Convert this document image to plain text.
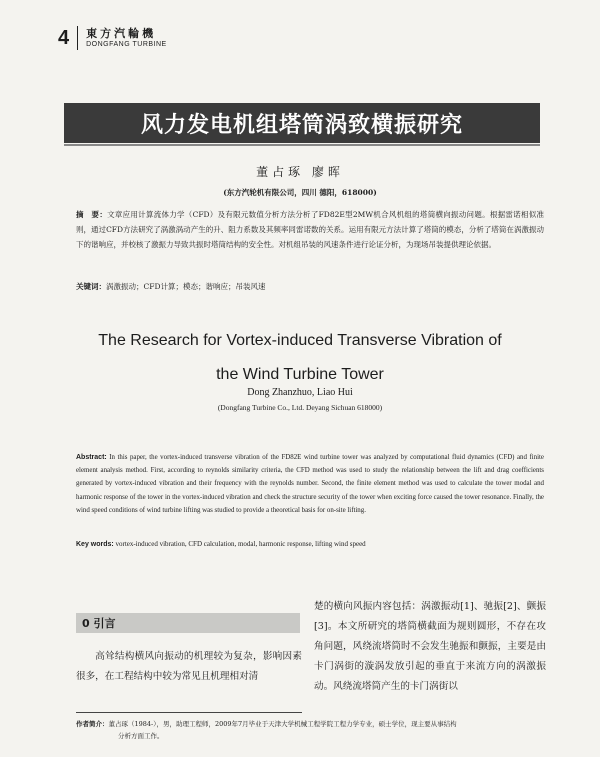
4 東方汽輪機
DONGFANG TURBINE
风力发电机组塔筒涡致横振研究
董占琢 廖晖
(东方汽轮机有限公司，四川 德阳，618000)
摘　要：文章应用计算流体力学（CFD）及有限元数值分析方法分析了FD82E型2MW机合风机组的塔筒横向振动问题。根据雷诺相似准则，通过CFD方法研究了涡激涡动产生的升、阻力系数及其频率同雷诺数的关系。运用有限元方法计算了塔筒的模态，分析了塔筒在涡激振动下的谐响应，并校核了激振力导致共振时塔筒结构的安全性。对机组吊装的风速条件进行论证分析，为现场吊装提供理论依据。
关键词：涡激振动；CFD计算；模态；谐响应；吊装风速
The Research for Vortex-induced Transverse Vibration of
the Wind Turbine Tower
Dong Zhanzhuo, Liao Hui
(Dongfang Turbine Co., Ltd. Deyang Sichuan 618000)
Abstract: In this paper, the vortex-induced transverse vibration of the FD82E wind turbine tower was analyzed by computational fluid dynamics (CFD) and finite element analysis method. First, according to reynolds similarity criteria, the CFD method was used to study the relationship between the lift and drag coefficients generated by vortex-induced vibration and their frequency with the reynolds number. Second, the finite element method was used to calculate the tower modal and harmonic response of the tower in the vortex-induced vibration and check the structure security of the tower when exciting force caused the tower resonance. Finally, the wind speed conditions of wind turbine lifting was studied to provide a theoretical basis for on-site lifting.
Key words: vortex-induced vibration, CFD calculation, modal, harmonic response, lifting wind speed
0 引言
高耸结构横风向振动的机理较为复杂，影响因素很多，在工程结构中较为常见且机理相对清
楚的横向风振内容包括：涡激振动[1]、驰振[2]、颤振[3]。本文所研究的塔筒横截面为规则圆形，不存在攻角问题，风绕流塔筒时不会发生驰振和颤振，主要是由卡门涡街的漩涡发放引起的垂直于来流方向的涡激振动。风绕流塔筒产生的卡门涡街以
作者简介：董占琢（1984-），男，助理工程师，2009年7月毕业于天津大学机械工程学院工程力学专业，硕士学位，现主要从事结构
分析方面工作。
